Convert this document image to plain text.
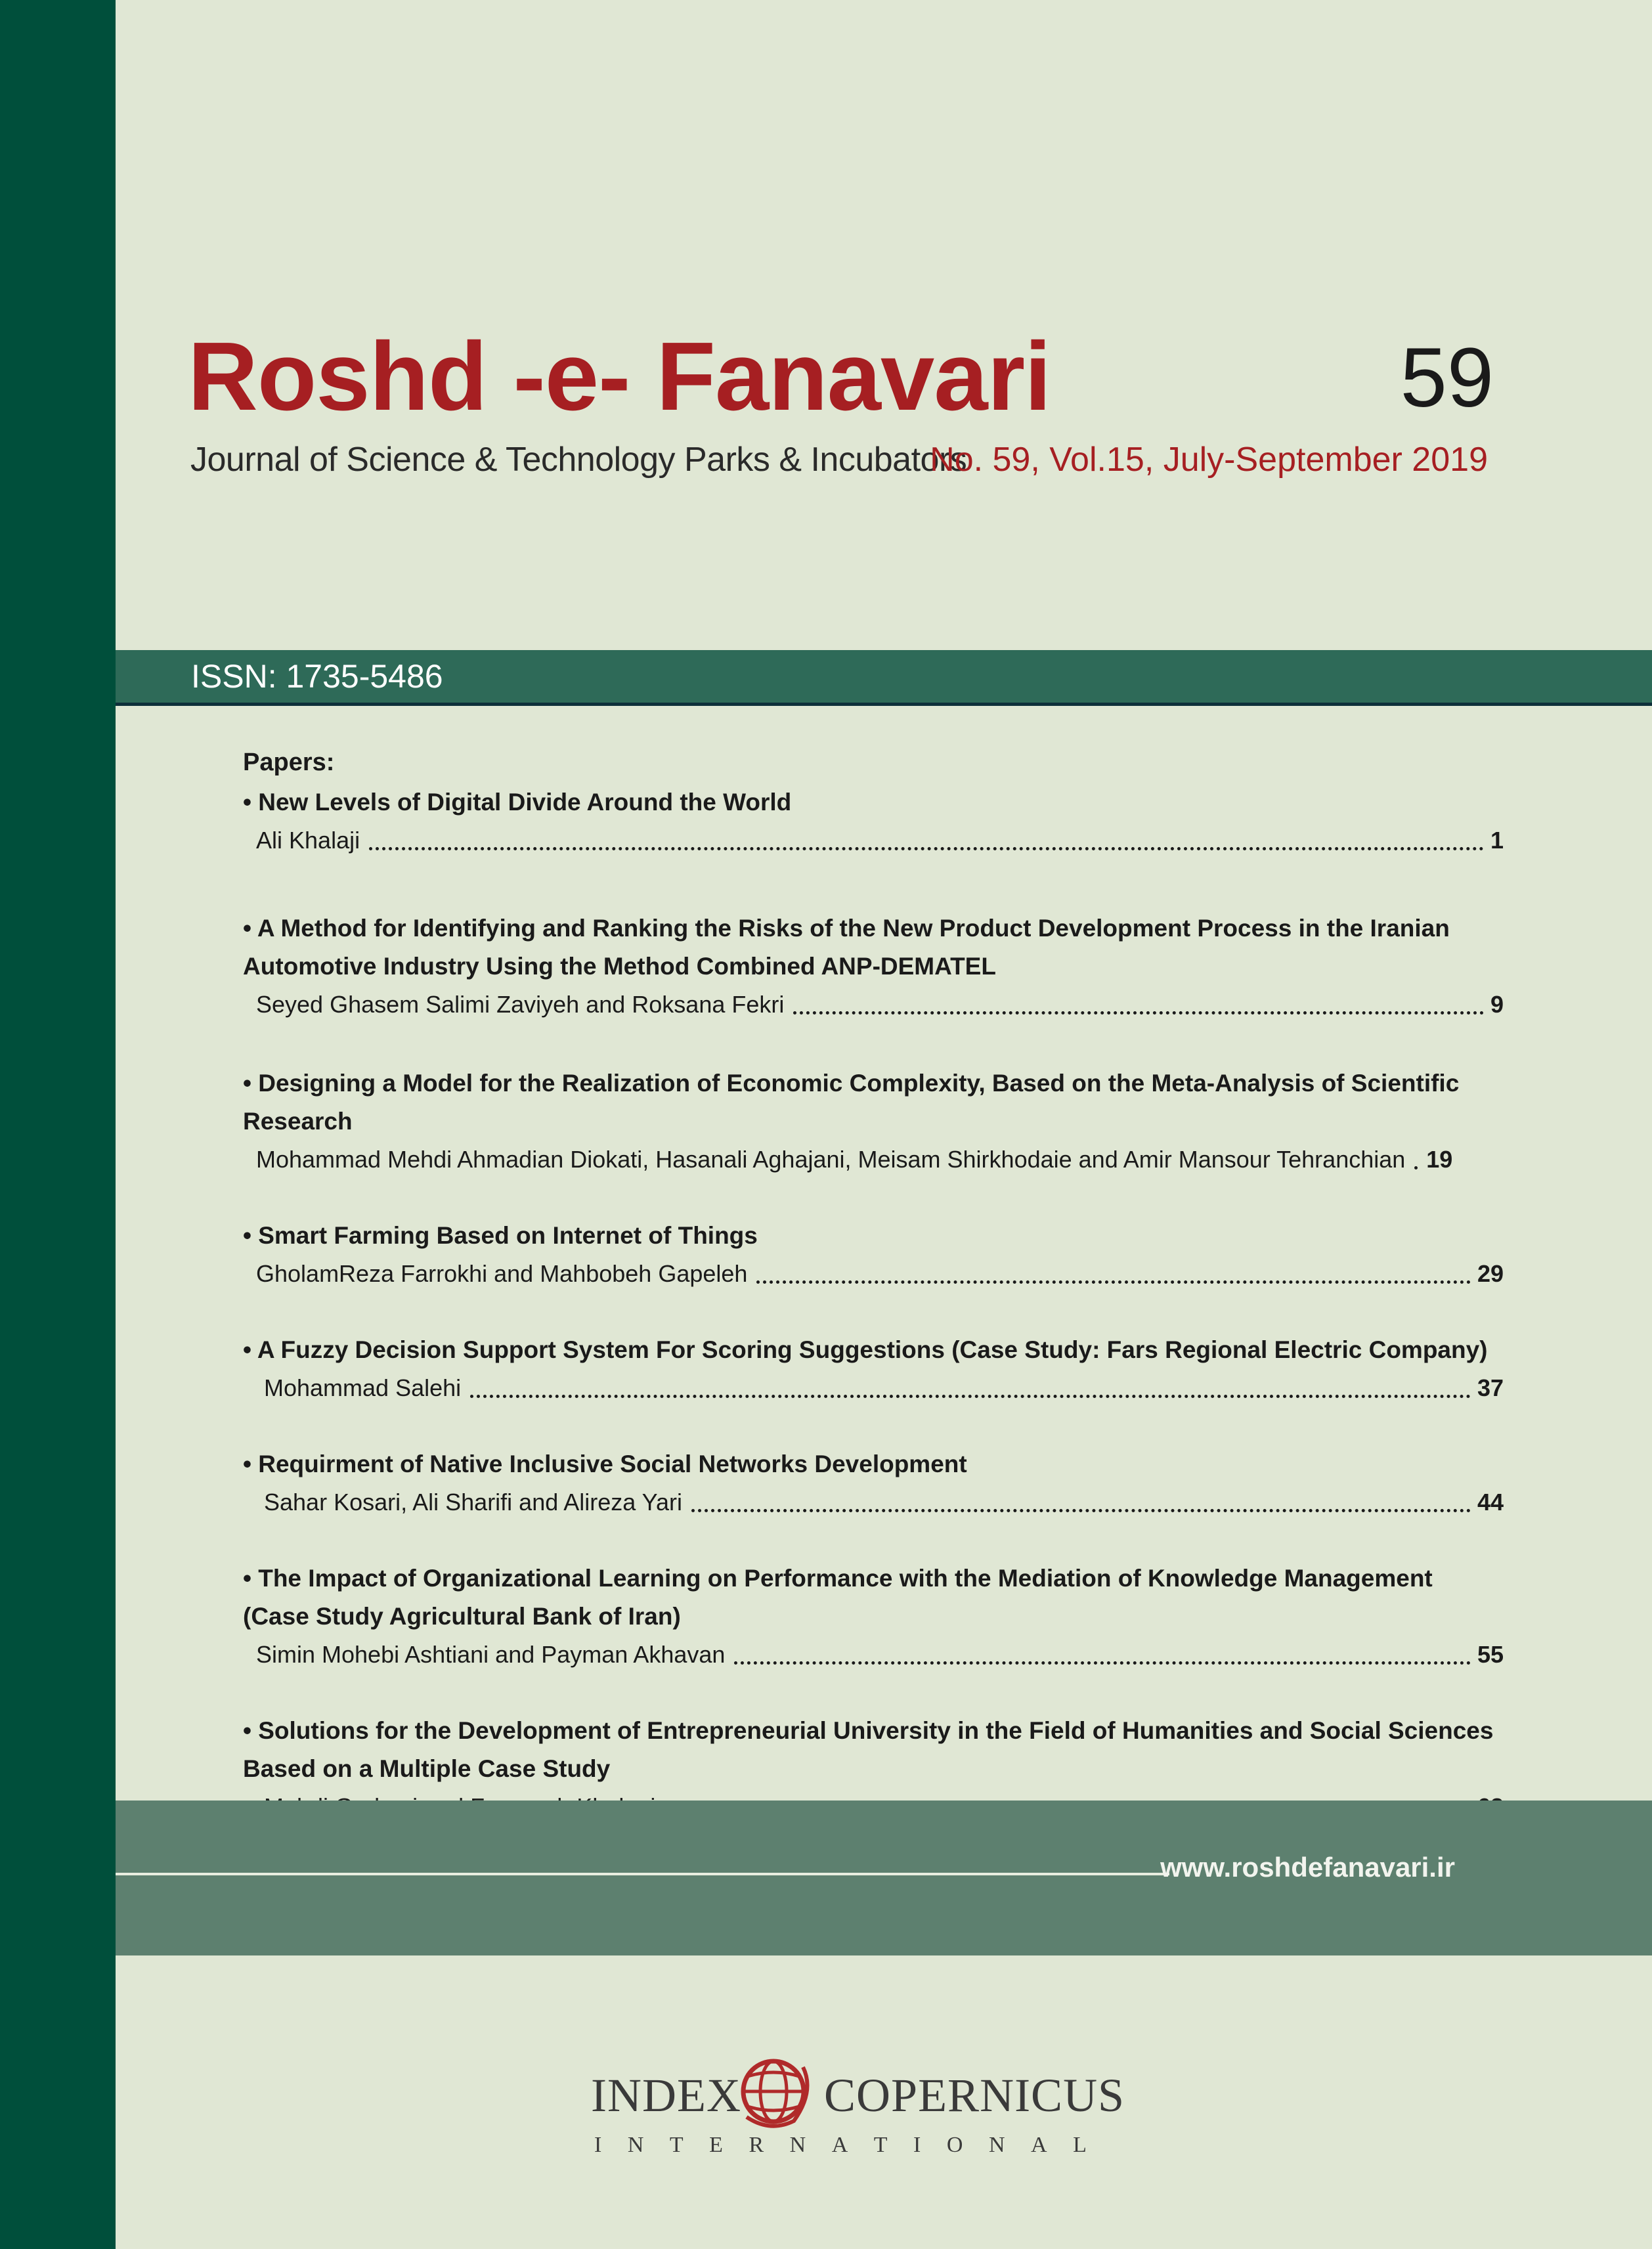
Roshd -e- Fanavari
Journal of Science & Technology Parks & Incubators
59
No. 59, Vol.15, July-September 2019
ISSN: 1735-5486
Papers:
• New Levels of Digital Divide Around the World
Ali Khalaji	1
• A Method for Identifying and Ranking the Risks of the New Product Development Process in the Iranian
Automotive Industry Using the Method Combined ANP-DEMATEL
Seyed Ghasem Salimi Zaviyeh and Roksana Fekri	9
• Designing a Model for the Realization of Economic Complexity, Based on the Meta-Analysis of Scientific Research
Mohammad Mehdi Ahmadian Diokati, Hasanali Aghajani, Meisam Shirkhodaie and Amir Mansour Tehranchian 19
• Smart Farming Based on Internet of Things
GholamReza Farrokhi and Mahbobeh Gapeleh	29
• A Fuzzy Decision Support System For Scoring Suggestions (Case Study: Fars Regional Electric Company)
Mohammad Salehi	37
• Requirment of Native Inclusive Social Networks Development
Sahar Kosari, Ali Sharifi and Alireza Yari	44
• The Impact of Organizational Learning on Performance with the Mediation of Knowledge Management
(Case Study Agricultural Bank of Iran)
Simin Mohebi Ashtiani and Payman Akhavan	55
• Solutions for the Development of Entrepreneurial University in the Field of Humanities and Social Sciences
Based on a Multiple Case Study
www.roshdefanavari.ir
INDEX COPERNICUS
I N T E R N A T I O N A L
